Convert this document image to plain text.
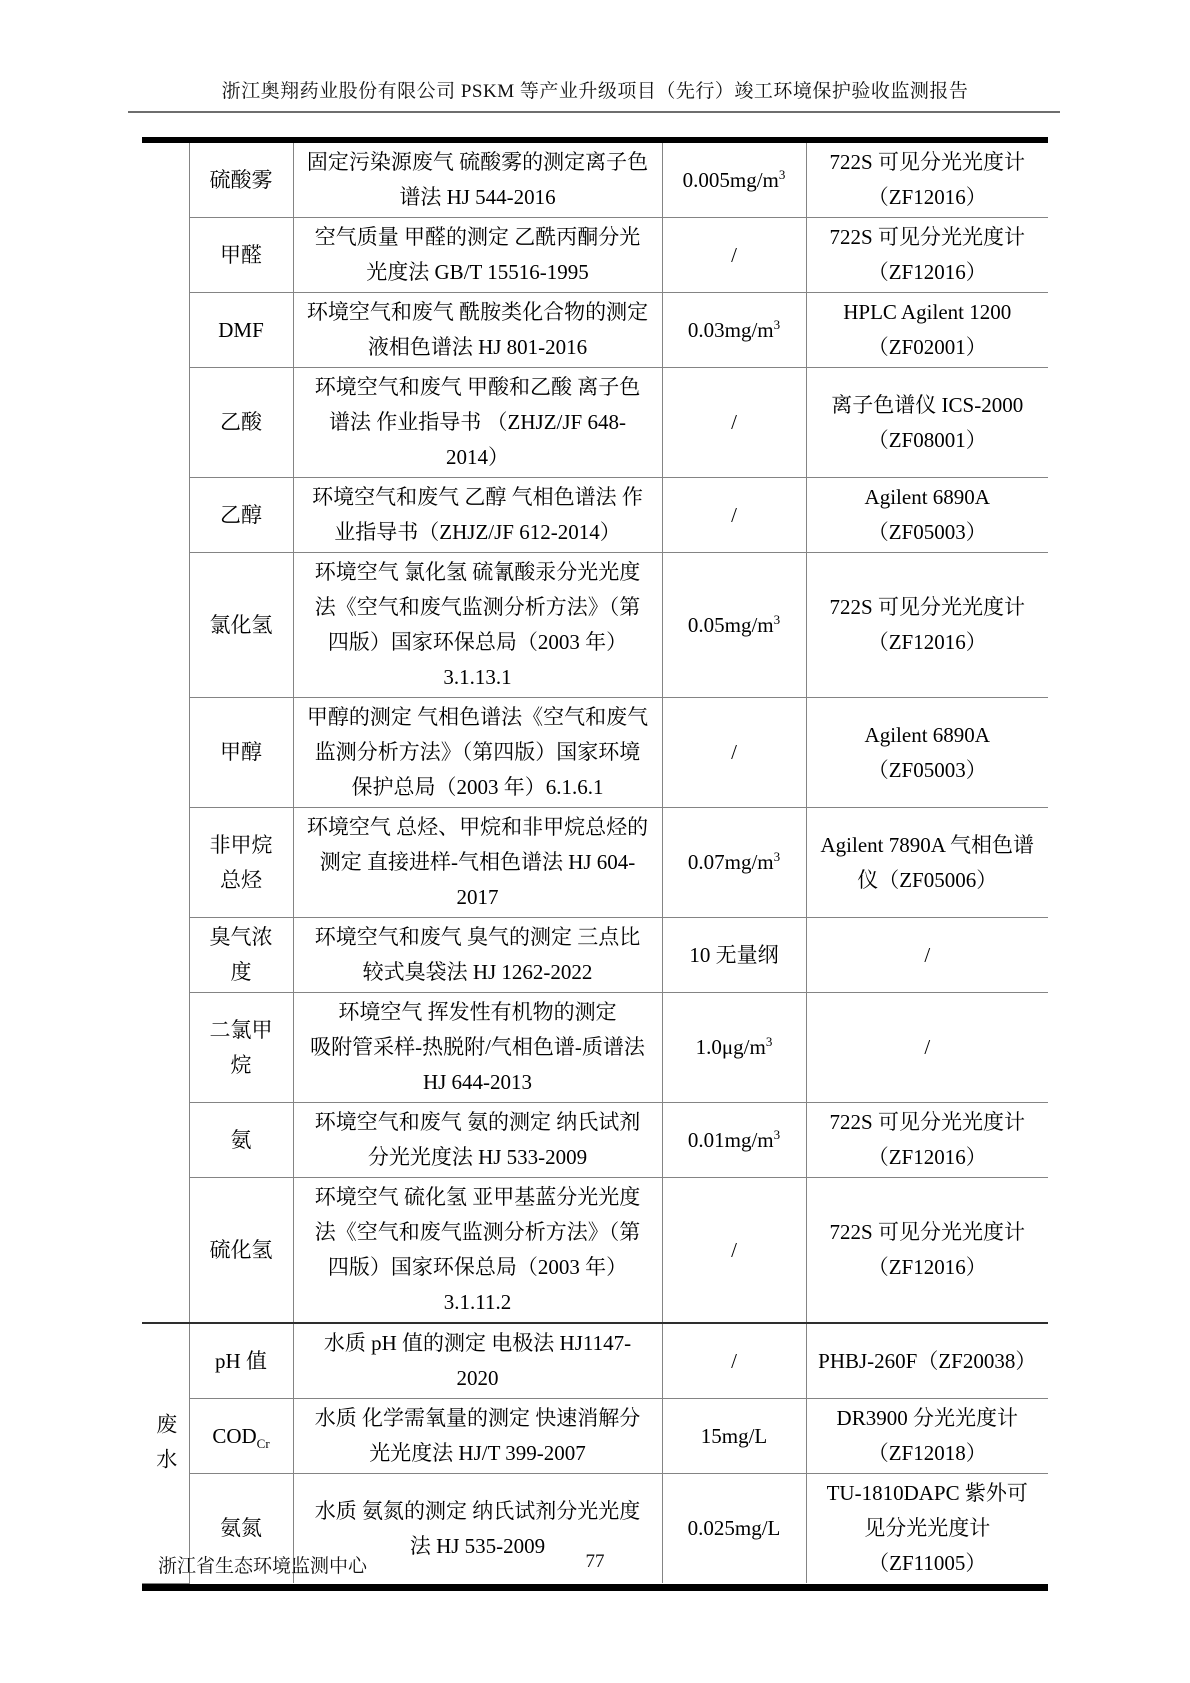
浙江奥翔药业股份有限公司 PSKM 等产业升级项目（先行）竣工环境保护验收监测报告
	硫酸雾	固定污染源废气 硫酸雾的测定离子色
谱法 HJ 544-2016	$0.005mg/m^3$	722S 可见分光光度计
（ZF12016）
	甲醛	空气质量 甲醛的测定 乙酰丙酮分光
光度法 GB/T 15516-1995	/	722S 可见分光光度计
（ZF12016）
	DMF	环境空气和废气 酰胺类化合物的测定
液相色谱法 HJ 801-2016	$0.03mg/m^3$	HPLC Agilent 1200
（ZF02001）
	乙酸	环境空气和废气 甲酸和乙酸 离子色
谱法 作业指导书 （ZHJZ/JF 648-
2014）	/	离子色谱仪 ICS-2000
（ZF08001）
	乙醇	环境空气和废气 乙醇 气相色谱法 作
业指导书（ZHJZ/JF 612-2014）	/	Agilent 6890A
（ZF05003）
	氯化氢	环境空气 氯化氢 硫氰酸汞分光光度
法《空气和废气监测分析方法》（第
四版）国家环保总局（2003 年）
3.1.13.1	$0.05mg/m^3$	722S 可见分光光度计
（ZF12016）
	甲醇	甲醇的测定 气相色谱法《空气和废气
监测分析方法》（第四版）国家环境
保护总局（2003 年）6.1.6.1	/	Agilent 6890A
（ZF05003）
	非甲烷
总烃	环境空气 总烃、甲烷和非甲烷总烃的
测定 直接进样-气相色谱法 HJ 604-
2017	$0.07mg/m^3$	Agilent 7890A 气相色谱
仪（ZF05006）
	臭气浓
度	环境空气和废气 臭气的测定 三点比
较式臭袋法 HJ 1262-2022	10 无量纲	/
	二氯甲
烷	环境空气 挥发性有机物的测定
吸附管采样-热脱附/气相色谱-质谱法
HJ 644-2013	$1.0\mu g/m^3$	/
	氨	环境空气和废气 氨的测定 纳氏试剂
分光光度法 HJ 533-2009	$0.01mg/m^3$	722S 可见分光光度计
（ZF12016）
	硫化氢	环境空气 硫化氢 亚甲基蓝分光光度
法《空气和废气监测分析方法》（第
四版）国家环保总局（2003 年）
3.1.11.2	/	722S 可见分光光度计
（ZF12016）
废水	pH 值	水质 pH 值的测定 电极法 HJ1147-
2020	/	PHBJ-260F（ZF20038）
	$COD_{Cr}$	水质 化学需氧量的测定 快速消解分
光光度法 HJ/T 399-2007	15mg/L	DR3900 分光光度计
（ZF12018）
	氨氮	水质 氨氮的测定 纳氏试剂分光光度
法 HJ 535-2009	0.025mg/L	TU-1810DAPC 紫外可
见分光光度计
（ZF11005）
浙江省生态环境监测中心	77
